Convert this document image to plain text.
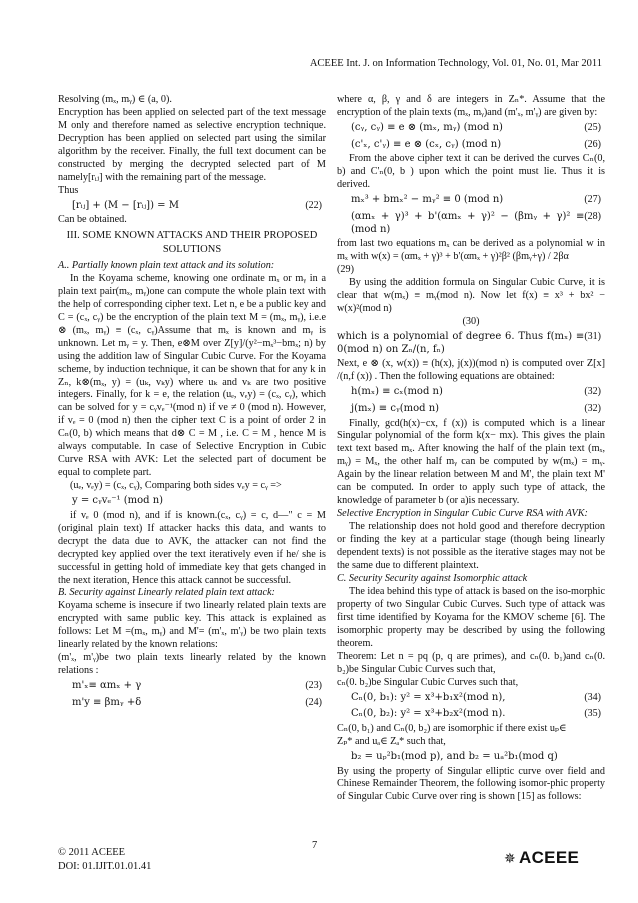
ACEEE Int. J. on Information Technology, Vol. 01, No. 01, Mar 2011

Resolving (mₓ, mᵧ) ∈ (a, 0).

Encryption has been applied on selected part of the text message M only and therefore named as selective encryption technique. Decryption has been applied on selected part using the similar algorithm by the receiver. Finally, the full text document can be constructed by merging the decrypted selected part of M namely[rᵢⱼ] with the remaining part of the message.

Thus

[rᵢⱼ] + (M − [rᵢⱼ]) = M	(22)

Can be obtained.

III. SOME KNOWN ATTACKS AND THEIR PROPOSED SOLUTIONS

A.. Partially known plain text attack and its solution:

In the Koyama scheme, knowing one ordinate mₓ or mᵧ in a plain text pair(mₓ, mᵧ)one can compute the whole plain text with the help of corresponding cipher text. Let n, e be a public key and C = (cₓ, cᵧ) be the encryption of the plain text M = (mₓ, mᵧ), i.e.e ⊗ (mₓ, mᵧ) ≡ (cₓ, cᵧ)Assume that mₓ is known and mᵧ is unknown. Let mᵧ = y. Then, e⊗M over Z[y]/(y²−mₓ³−bmₓ; n) by using the addition law of Singular Cubic Curve. For the Koyama scheme, by induction technique, it can be shown that for any k in Zₙ, k⊗(mₓ, y) = (uₖ, vₖy) where uₖ and vₖ are two positive integers. Finally, for k = e, the relation (uₑ, vₑy) = (cₓ, cᵧ), which can be solved for y = cᵧvₑ⁻¹(mod n) if ve ≠ 0 (mod n). However, if vₑ = 0 (mod n) then the cipher text C is a point of order 2 in Cₙ(0, b) which means that d⊗ C = M , i.e. C = M , hence M is always computable. In case of Selective Encryption in Cubic Curve RSA with AVK: Let the selected part of document be equal to complete part.

(uₑ, vₑy) = (cₓ, cᵧ), Comparing both sides vₑy = cᵧ =>

y = cᵧvₑ⁻¹ (mod n)

if vₑ 0 (mod n), and if is known.(cₓ, cᵧ) = c, d—" c = M (original plain text) If attacker hacks this data, and wants to decrypt the data due to AVK, the attacker can not find the decrypted key applied over the text iteratively even if he/ she is successful in getting hold of immediate key that gets changed in the next iteration, Hence this attack cannot be successful.

B. Security against Linearly related plain text attack:

Koyama scheme is insecure if two linearly related plain texts are encrypted with same public key. This attack is explained as follows: Let M =(mₓ, mᵧ) and M'= (m'ₓ, m'ᵧ) be two plain texts linearly related by the known relations:

(m'ₓ, m'ᵧ)be two plain texts linearly related by the known relations :

m'ₓ≡ αmₓ + γ	(23)
m'y ≡ βmᵧ +δ	(24)

where α, β, γ and δ are integers in Zₙ*. Assume that the encryption of the plain texts (mₓ, mᵧ)and (m'ₓ, m'ᵧ) are given by:

(cᵧ, cᵧ) ≡ e ⊗ (mₓ, mᵧ) (mod n)	(25)
(c'ₓ, c'ᵧ) ≡ e ⊗ (cₓ, cᵧ) (mod n)	(26)

From the above cipher text it can be derived the curves Cₙ(0, b) and C'ₙ(0, b ) upon which the point must lie. Thus it is derived.

mₓ³ + bmₓ² − mᵧ² ≡ 0 (mod n)	(27)
(αmₓ + γ)³ + b'(αmₓ + γ)² − (βmᵧ + γ)² ≡ (mod n)
(28)

from last two equations mₓ can be derived as a polynomial w in mₓ with w(x) = (αmₓ + γ)³ + b'(αmₓ + γ)²β² (βmᵧ+γ) / 2βα

(29)

By using the addition formula on Singular Cubic Curve, it is clear that w(mₓ) ≡ mᵧ(mod n). Now let f(x) ≡ x³ + bx² − w(x)²(mod n)

(30)

which is a polynomial of degree 6. Thus f(mₓ) ≡ 0(mod n) on Zₙ/(n, fₙ)
(31)

Next, e ⊗ (x, w(x)) ≡ (h(x), j(x))(mod n) is computed over Z[x] /(n,f (x)) . Then the following equations are obtained:

h(mₓ) ≡ cₓ(mod n)	(32)
j(mₓ) ≡ cᵧ(mod n)	(32)

Finally, gcd(h(x)−cx, f (x)) is computed which is a linear Singular polynomial of the form k(x− mx). This gives the plain text text based mₓ. After knowing the half of the plain text (mₓ, mᵧ) = Mₓ, the other half mᵧ can be computed by w(mₓ) = mᵧ. Again by the linear relation between M and M', the plain text M' can be computed. In order to apply such type of attack, the knowledge of parameter b (or a)is necessary.

Selective Encryption in Singular Cubic Curve RSA with AVK:

The relationship does not hold good and therefore decryption or finding the key at a particular stage (though being linearly dependent texts) is not possible as the iterative stages may not be the same due to different plaintext.

C. Security Security against Isomorphic attack

The idea behind this type of attack is based on the iso-morphic property of two Singular Cubic Curves. Such type of attack was first time identified by Koyama for the KMOV scheme [6]. The isomorphic property may be described by using the following theorem.

Theorem: Let n = pq (p, q are primes), and cₙ(0. b₁)and cₙ(0. b₂)be Singular Cubic Curves such that,

cₙ(0. b₂)be Singular Cubic Curves such that,

Cₙ(0, b₁): y² = x³+b₁x²(mod n),	(34)
Cₙ(0, b₂): y² = x³+b₂x²(mod n).	(35)

Cₙ(0, b₁) and Cₙ(0, b₂) are isomorphic if there exist uₚ∈

Zₚ* and uₐ∈ Zₐ* such that,

b₂ = uₚ²b₁(mod p), and b₂ = uₐ²b₁(mod q)

By using the property of Singular elliptic curve over field and Chinese Remainder Theorem, the following isomor-phic property of Singular Cubic Curve over ring is shown [15] as follows:

© 2011 ACEEE
DOI: 01.IJIT.01.01.41
7
✵ ACEEE
